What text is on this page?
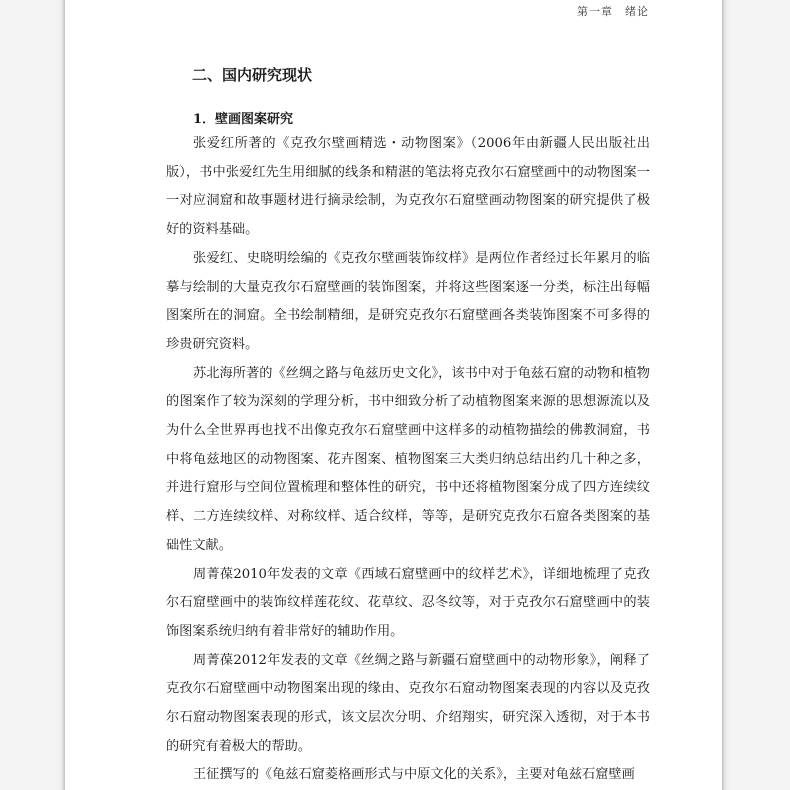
第一章　绪论
二、国内研究现状
1．壁画图案研究

张爱红所著的《克孜尔壁画精选・动物图案》（2006年由新疆人民出版社出版），书中张爱红先生用细腻的线条和精湛的笔法将克孜尔石窟壁画中的动物图案一一对应洞窟和故事题材进行摘录绘制，为克孜尔石窟壁画动物图案的研究提供了极好的资料基础。

张爱红、史晓明绘编的《克孜尔壁画装饰纹样》是两位作者经过长年累月的临摹与绘制的大量克孜尔石窟壁画的装饰图案，并将这些图案逐一分类，标注出每幅图案所在的洞窟。全书绘制精细，是研究克孜尔石窟壁画各类装饰图案不可多得的珍贵研究资料。

苏北海所著的《丝绸之路与龟兹历史文化》，该书中对于龟兹石窟的动物和植物的图案作了较为深刻的学理分析，书中细致分析了动植物图案来源的思想源流以及为什么全世界再也找不出像克孜尔石窟壁画中这样多的动植物描绘的佛教洞窟，书中将龟兹地区的动物图案、花卉图案、植物图案三大类归纳总结出约几十种之多，并进行窟形与空间位置梳理和整体性的研究，书中还将植物图案分成了四方连续纹样、二方连续纹样、对称纹样、适合纹样，等等，是研究克孜尔石窟各类图案的基础性文献。

周菁葆2010年发表的文章《西域石窟壁画中的纹样艺术》，详细地梳理了克孜尔石窟壁画中的装饰纹样莲花纹、花草纹、忍冬纹等，对于克孜尔石窟壁画中的装饰图案系统归纳有着非常好的辅助作用。

周菁葆2012年发表的文章《丝绸之路与新疆石窟壁画中的动物形象》，阐释了克孜尔石窟壁画中动物图案出现的缘由、克孜尔石窟动物图案表现的内容以及克孜尔石窟动物图案表现的形式，该文层次分明、介绍翔实，研究深入透彻，对于本书的研究有着极大的帮助。

王征撰写的《龟兹石窟菱格画形式与中原文化的关系》，主要对龟兹石窟壁画
